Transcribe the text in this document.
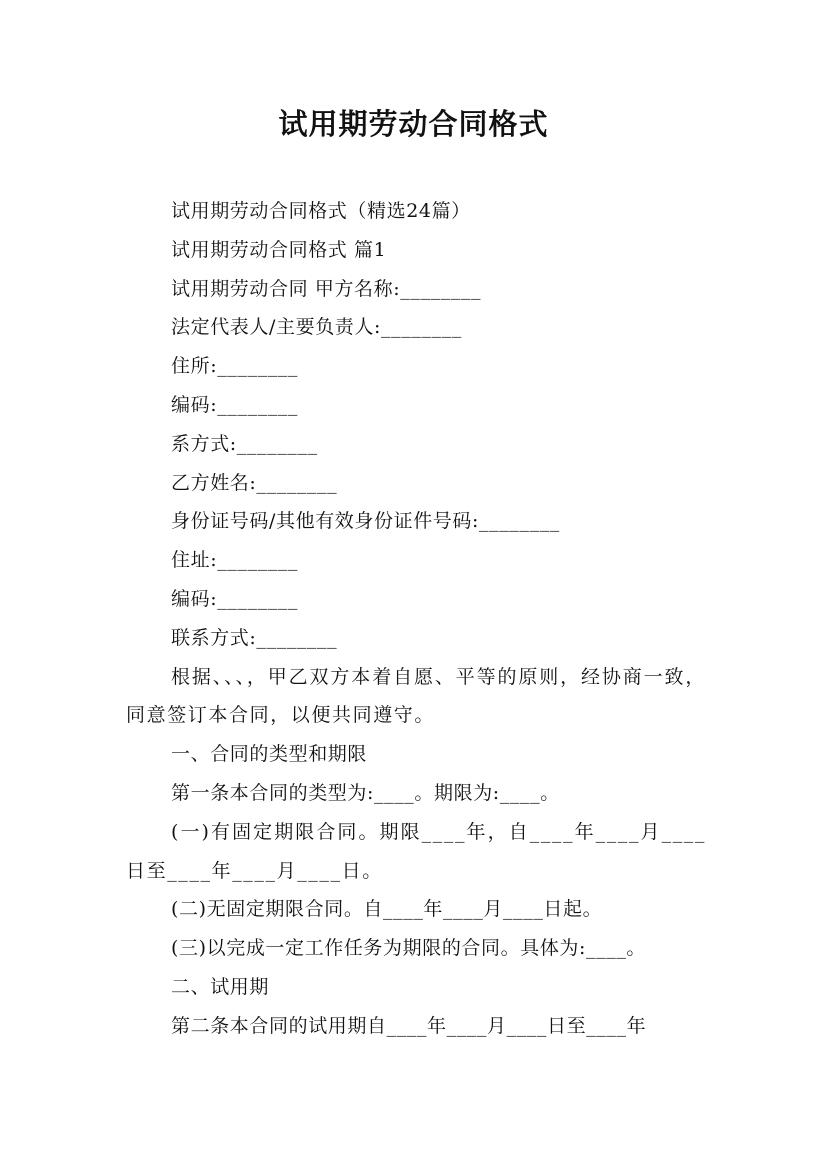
试用期劳动合同格式

试用期劳动合同格式（精选24篇）

试用期劳动合同格式 篇1

试用期劳动合同 甲方名称:________

法定代表人/主要负责人:________

住所:________

编码:________

系方式:________

乙方姓名:________

身份证号码/其他有效身份证件号码:________

住址:________

编码:________

联系方式:________

根据、、、，甲乙双方本着自愿、平等的原则，经协商一致，同意签订本合同，以便共同遵守。

一、合同的类型和期限

第一条本合同的类型为:____。期限为:____。

(一)有固定期限合同。期限____年，自____年____月____日至____年____月____日。

(二)无固定期限合同。自____年____月____日起。

(三)以完成一定工作任务为期限的合同。具体为:____。

二、试用期

第二条本合同的试用期自____年____月____日至____年
